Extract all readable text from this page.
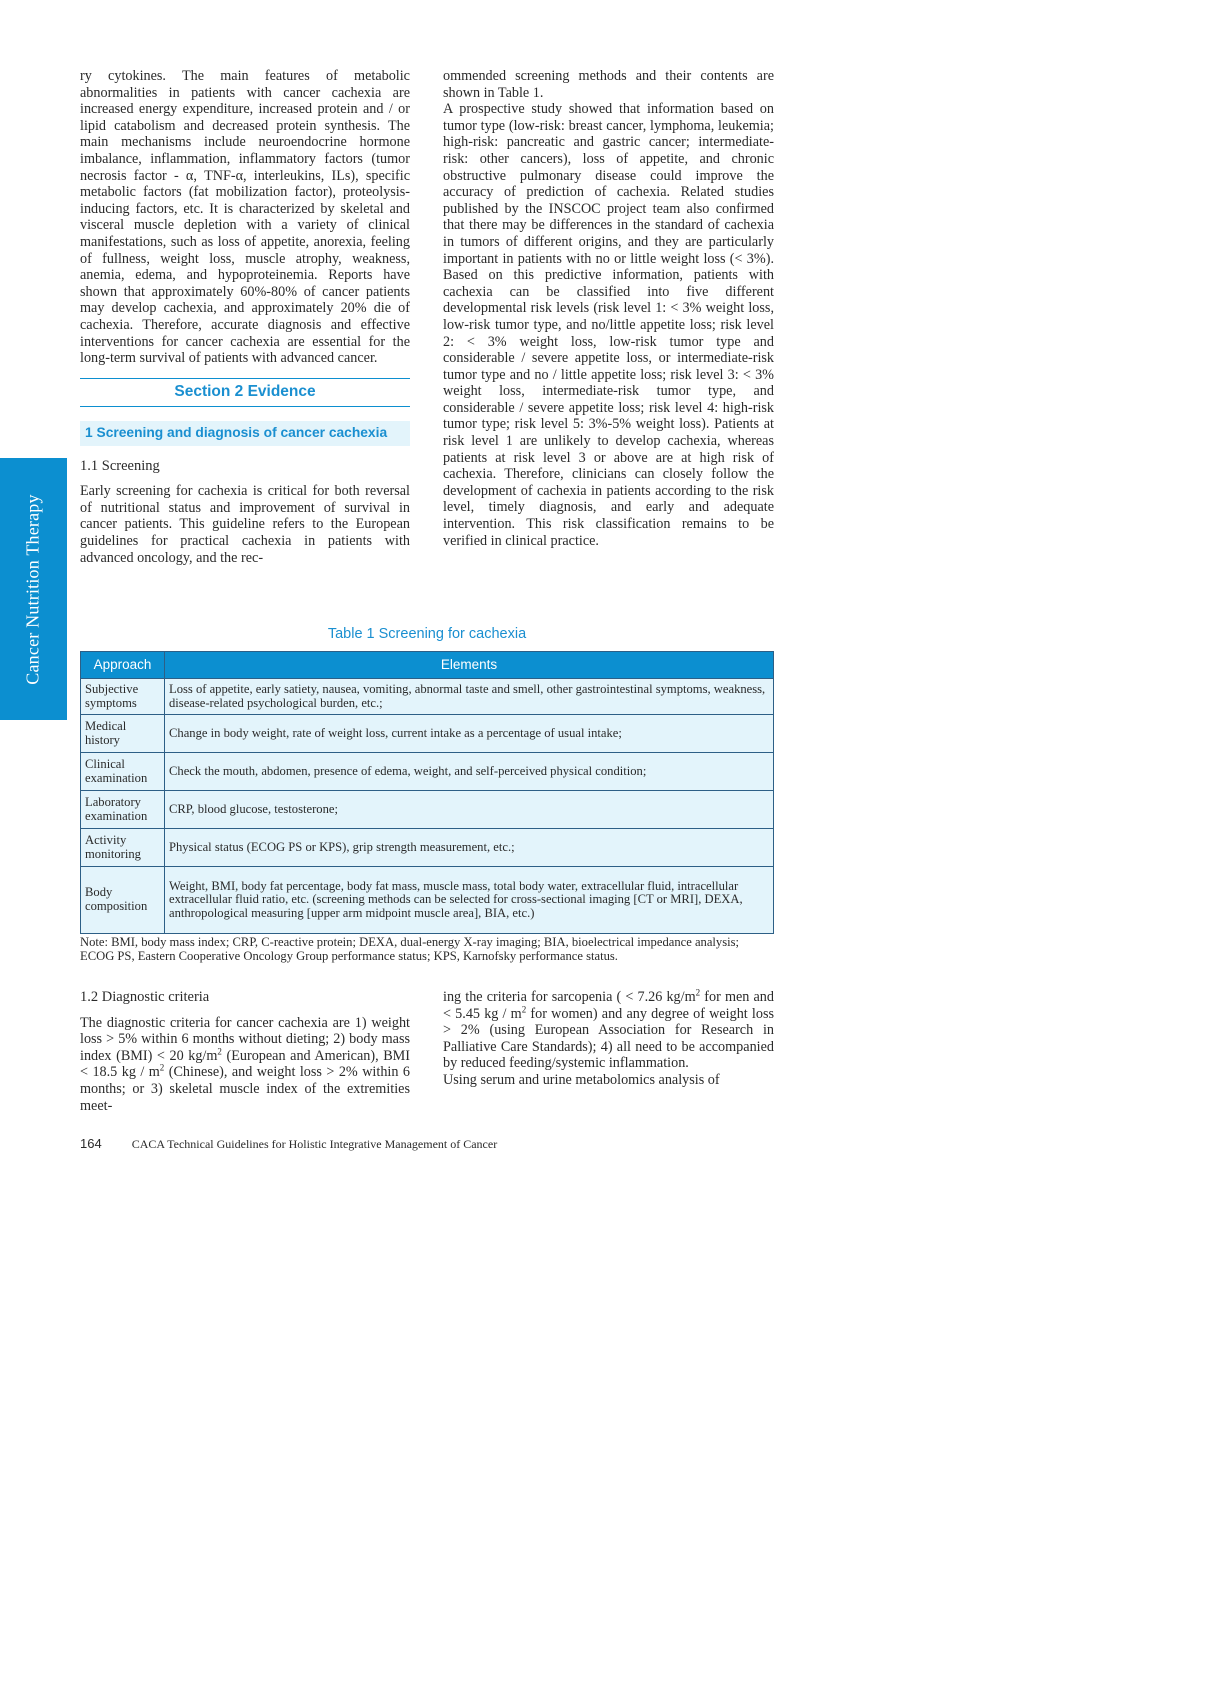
Cancer Nutrition Therapy

ry cytokines. The main features of metabolic abnormalities in patients with cancer cachexia are increased energy expenditure, increased protein and / or lipid catabolism and decreased protein synthesis. The main mechanisms include neuroendocrine hormone imbalance, inflammation, inflammatory factors (tumor necrosis factor - α, TNF-α, interleukins, ILs), specific metabolic factors (fat mobilization factor), proteolysis-inducing factors, etc. It is characterized by skeletal and visceral muscle depletion with a variety of clinical manifestations, such as loss of appetite, anorexia, feeling of fullness, weight loss, muscle atrophy, weakness, anemia, edema, and hypoproteinemia. Reports have shown that approximately 60%-80% of cancer patients may develop cachexia, and approximately 20% die of cachexia. Therefore, accurate diagnosis and effective interventions for cancer cachexia are essential for the long-term survival of patients with advanced cancer.

Section 2 Evidence
1 Screening and diagnosis of cancer cachexia
1.1 Screening

Early screening for cachexia is critical for both reversal of nutritional status and improvement of survival in cancer patients. This guideline refers to the European guidelines for practical cachexia in patients with advanced oncology, and the rec-

ommended screening methods and their contents are shown in Table 1.

A prospective study showed that information based on tumor type (low-risk: breast cancer, lymphoma, leukemia; high-risk: pancreatic and gastric cancer; intermediate-risk: other cancers), loss of appetite, and chronic obstructive pulmonary disease could improve the accuracy of prediction of cachexia. Related studies published by the INSCOC project team also confirmed that there may be differences in the standard of cachexia in tumors of different origins, and they are particularly important in patients with no or little weight loss (< 3%). Based on this predictive information, patients with cachexia can be classified into five different developmental risk levels (risk level 1: < 3% weight loss, low-risk tumor type, and no/little appetite loss; risk level 2: < 3% weight loss, low-risk tumor type and considerable / severe appetite loss, or intermediate-risk tumor type and no / little appetite loss; risk level 3: < 3% weight loss, intermediate-risk tumor type, and considerable / severe appetite loss; risk level 4: high-risk tumor type; risk level 5: 3%-5% weight loss). Patients at risk level 1 are unlikely to develop cachexia, whereas patients at risk level 3 or above are at high risk of cachexia. Therefore, clinicians can closely follow the development of cachexia in patients according to the risk level, timely diagnosis, and early and adequate intervention. This risk classification remains to be verified in clinical practice.

Table 1 Screening for cachexia
Approach	Elements
Subjective symptoms	Loss of appetite, early satiety, nausea, vomiting, abnormal taste and smell, other gastrointestinal symptoms, weakness, disease-related psychological burden, etc.;
Medical history	Change in body weight, rate of weight loss, current intake as a percentage of usual intake;
Clinical examination	Check the mouth, abdomen, presence of edema, weight, and self-perceived physical condition;
Laboratory examination	CRP, blood glucose, testosterone;
Activity monitoring	Physical status (ECOG PS or KPS), grip strength measurement, etc.;
Body composition	Weight, BMI, body fat percentage, body fat mass, muscle mass, total body water, extracellular fluid, intracellular extracellular fluid ratio, etc. (screening methods can be selected for cross-sectional imaging [CT or MRI], DEXA, anthropological measuring [upper arm midpoint muscle area], BIA, etc.)
Note: BMI, body mass index; CRP, C-reactive protein; DEXA, dual-energy X-ray imaging; BIA, bioelectrical impedance analysis; ECOG PS, Eastern Cooperative Oncology Group performance status; KPS, Karnofsky performance status.
1.2 Diagnostic criteria

The diagnostic criteria for cancer cachexia are 1) weight loss > 5% within 6 months without dieting; 2) body mass index (BMI) < 20 $kg/m^2$ (European and American), BMI < 18.5 kg / $m^2$ (Chinese), and weight loss > 2% within 6 months; or 3) skeletal muscle index of the extremities meet-

ing the criteria for sarcopenia ( < 7.26 $kg/m^2$ for men and < 5.45 kg / $m^2$ for women) and any degree of weight loss > 2% (using European Association for Research in Palliative Care Standards); 4) all need to be accompanied by reduced feeding/systemic inflammation.

Using serum and urine metabolomics analysis of

164	CACA Technical Guidelines for Holistic Integrative Management of Cancer
